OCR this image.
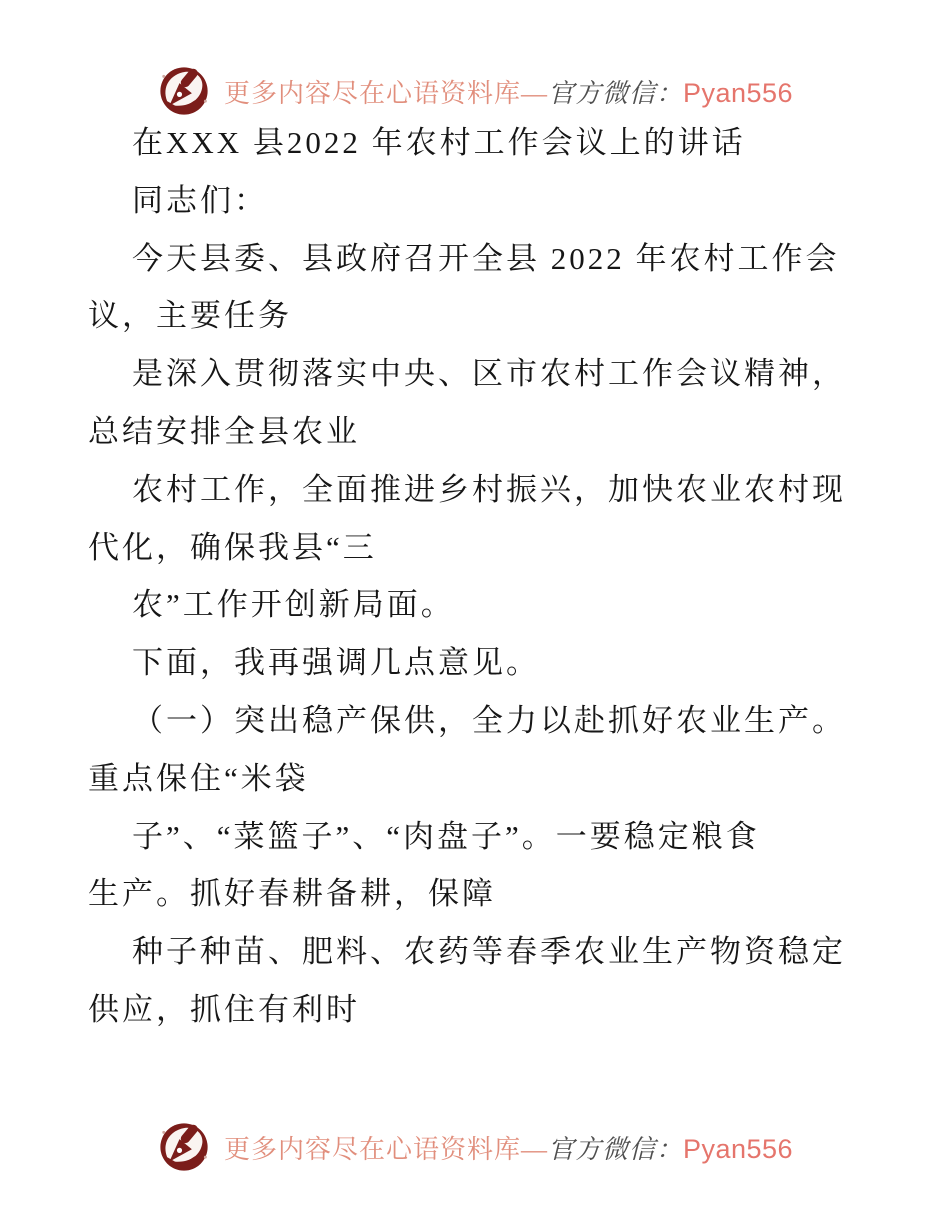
更多内容尽在心语资料库—官方微信：Pyan556
在XXX 县2022 年农村工作会议上的讲话
同志们：
今天县委、县政府召开全县 2022 年农村工作会
议，主要任务
是深入贯彻落实中央、区市农村工作会议精神，
总结安排全县农业
农村工作，全面推进乡村振兴，加快农业农村现
代化，确保我县“三
农”工作开创新局面。
下面，我再强调几点意见。
（一）突出稳产保供，全力以赴抓好农业生产。
重点保住“米袋
子”、“菜篮子”、“肉盘子”。一要稳定粮食
生产。抓好春耕备耕，保障
种子种苗、肥料、农药等春季农业生产物资稳定
供应，抓住有利时
更多内容尽在心语资料库—官方微信：Pyan556
